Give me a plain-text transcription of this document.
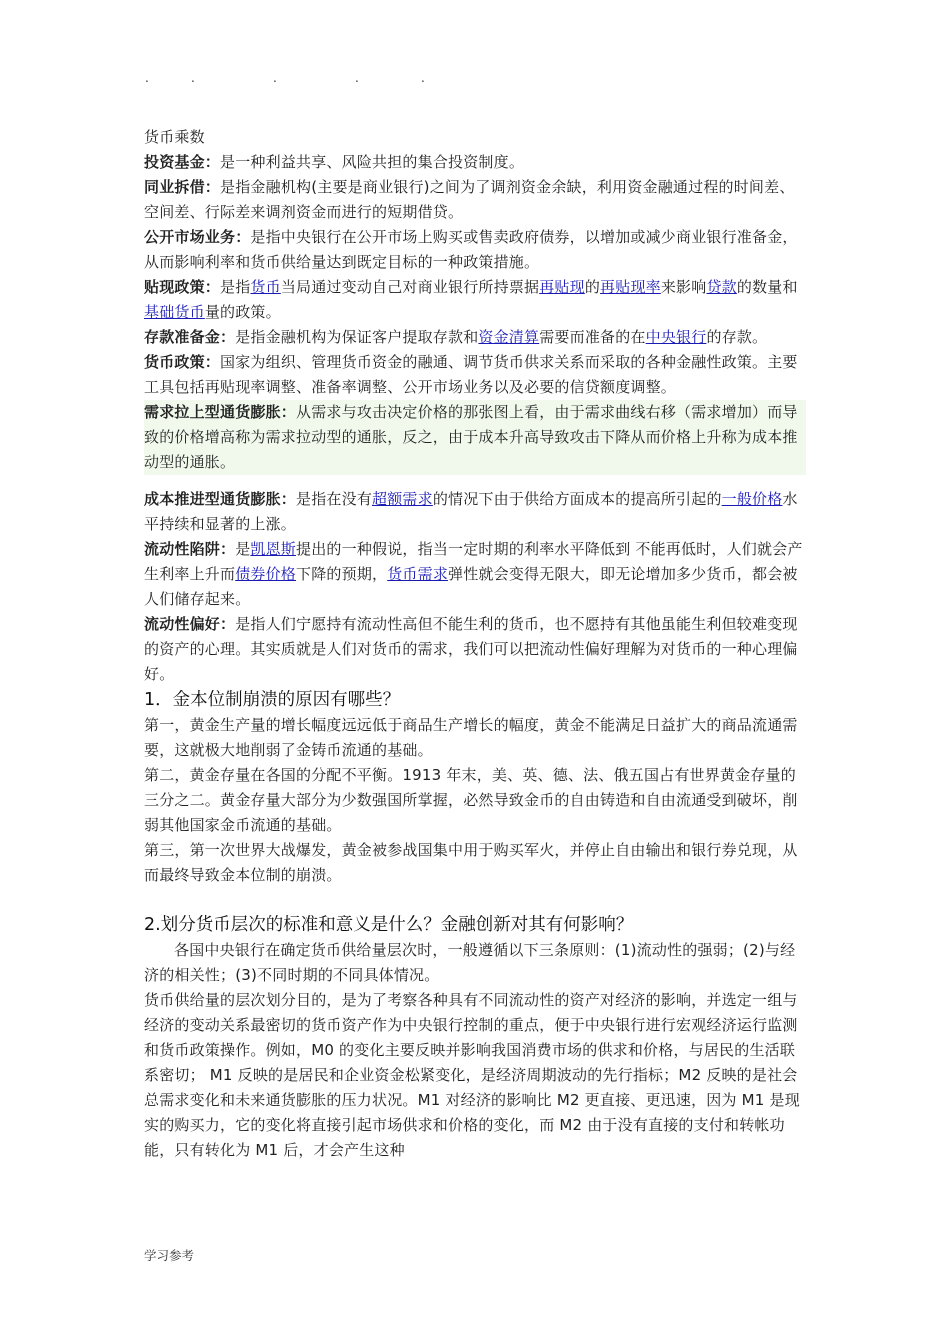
.	.	.	.	.

货币乘数

投资基金：是一种利益共享、风险共担的集合投资制度。

同业拆借：是指金融机构(主要是商业银行)之间为了调剂资金余缺，利用资金融通过程的时间差、空间差、行际差来调剂资金而进行的短期借贷。

公开市场业务：是指中央银行在公开市场上购买或售卖政府债券，以增加或减少商业银行准备金，从而影响利率和货币供给量达到既定目标的一种政策措施。

贴现政策：是指货币当局通过变动自己对商业银行所持票据再贴现的再贴现率来影响贷款的数量和基础货币量的政策。

存款准备金：是指金融机构为保证客户提取存款和资金清算需要而准备的在中央银行的存款。

货币政策：国家为组织、管理货币资金的融通、调节货币供求关系而采取的各种金融性政策。主要工具包括再贴现率调整、准备率调整、公开市场业务以及必要的信贷额度调整。

需求拉上型通货膨胀：从需求与攻击决定价格的那张图上看，由于需求曲线右移（需求增加）而导致的价格增高称为需求拉动型的通胀，反之，由于成本升高导致攻击下降从而价格上升称为成本推动型的通胀。

成本推进型通货膨胀：是指在没有超额需求的情况下由于供给方面成本的提高所引起的一般价格水平持续和显著的上涨。

流动性陷阱：是凯恩斯提出的一种假说，指当一定时期的利率水平降低到 不能再低时，人们就会产生利率上升而债券价格下降的预期，货币需求弹性就会变得无限大，即无论增加多少货币，都会被人们储存起来。

流动性偏好：是指人们宁愿持有流动性高但不能生利的货币，也不愿持有其他虽能生利但较难变现的资产的心理。其实质就是人们对货币的需求，我们可以把流动性偏好理解为对货币的一种心理偏好。

1．金本位制崩溃的原因有哪些？

第一，黄金生产量的增长幅度远远低于商品生产增长的幅度，黄金不能满足日益扩大的商品流通需要，这就极大地削弱了金铸币流通的基础。

第二，黄金存量在各国的分配不平衡。1913 年末，美、英、德、法、俄五国占有世界黄金存量的三分之二。黄金存量大部分为少数强国所掌握，必然导致金币的自由铸造和自由流通受到破坏，削弱其他国家金币流通的基础。

第三，第一次世界大战爆发，黄金被参战国集中用于购买军火，并停止自由输出和银行券兑现，从而最终导致金本位制的崩溃。

2.划分货币层次的标准和意义是什么？金融创新对其有何影响？

各国中央银行在确定货币供给量层次时，一般遵循以下三条原则：(1)流动性的强弱；(2)与经济的相关性；(3)不同时期的不同具体情况。

货币供给量的层次划分目的，是为了考察各种具有不同流动性的资产对经济的影响，并选定一组与经济的变动关系最密切的货币资产作为中央银行控制的重点，便于中央银行进行宏观经济运行监测和货币政策操作。例如，M0 的变化主要反映并影响我国消费市场的供求和价格，与居民的生活联系密切； M1 反映的是居民和企业资金松紧变化，是经济周期波动的先行指标；M2 反映的是社会总需求变化和未来通货膨胀的压力状况。M1 对经济的影响比 M2 更直接、更迅速，因为 M1 是现实的购买力，它的变化将直接引起市场供求和价格的变化，而 M2 由于没有直接的支付和转帐功能，只有转化为 M1 后，才会产生这种

学习参考
